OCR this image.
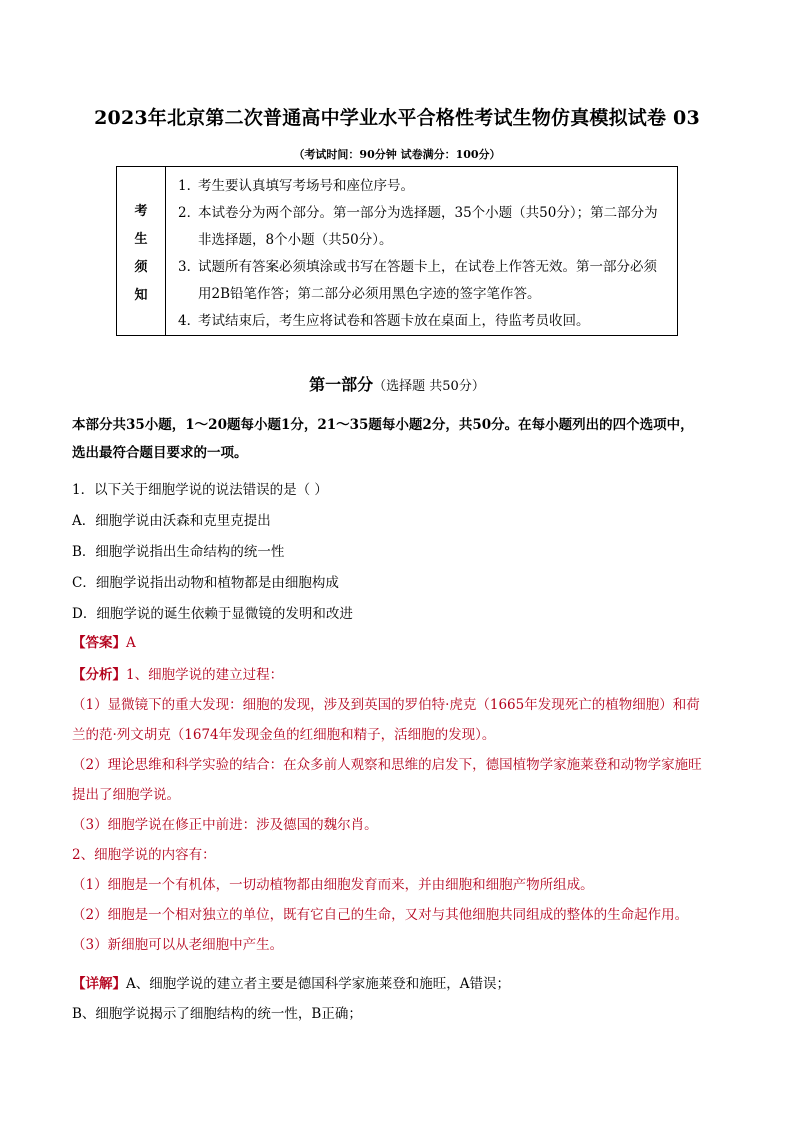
2023年北京第二次普通高中学业水平合格性考试生物仿真模拟试卷 03
（考试时间：90分钟 试卷满分：100分）
考
生
须
知
1．
考生要认真填写考场号和座位序号。
2．
本试卷分为两个部分。第一部分为选择题，35个小题（共50分）；第二部分为非选择题，8个小题（共50分）。
3．
试题所有答案必须填涂或书写在答题卡上，在试卷上作答无效。第一部分必须用2B铅笔作答；第二部分必须用黑色字迹的签字笔作答。
4．
考试结束后，考生应将试卷和答题卡放在桌面上，待监考员收回。
第一部分（选择题 共50分）
本部分共35小题，1～20题每小题1分，21～35题每小题2分，共50分。在每小题列出的四个选项中，
选出最符合题目要求的一项。
1．以下关于细胞学说的说法错误的是（ ）
A．细胞学说由沃森和克里克提出
B．细胞学说指出生命结构的统一性
C．细胞学说指出动物和植物都是由细胞构成
D．细胞学说的诞生依赖于显微镜的发明和改进
【答案】A
【分析】1、细胞学说的建立过程：
（1）显微镜下的重大发现：细胞的发现，涉及到英国的罗伯特·虎克（1665年发现死亡的植物细胞）和荷
兰的范·列文胡克（1674年发现金鱼的红细胞和精子，活细胞的发现）。
（2）理论思维和科学实验的结合：在众多前人观察和思维的启发下，德国植物学家施莱登和动物学家施旺
提出了细胞学说。
（3）细胞学说在修正中前进：涉及德国的魏尔肖。
2、细胞学说的内容有：
（1）细胞是一个有机体，一切动植物都由细胞发育而来，并由细胞和细胞产物所组成。
（2）细胞是一个相对独立的单位，既有它自己的生命，又对与其他细胞共同组成的整体的生命起作用。
（3）新细胞可以从老细胞中产生。
【详解】A、细胞学说的建立者主要是德国科学家施莱登和施旺，A错误；
B、细胞学说揭示了细胞结构的统一性，B正确；
